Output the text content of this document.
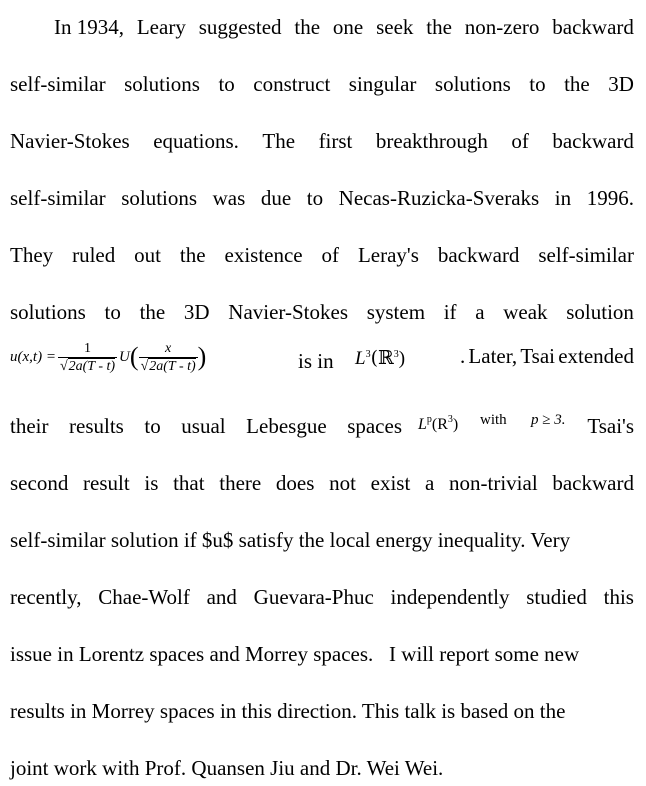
In 1934, Leary suggested the one seek the non-zero backward
self-similar solutions to construct singular solutions to the 3D
Navier-Stokes equations. The first breakthrough of backward
self-similar solutions was due to Necas-Ruzicka-Sveraks in 1996.
They ruled out the existence of Leray's backward self-similar
solutions to the 3D Navier-Stokes system if a weak solution
$u(x,t) = \frac{1}{√2a(T - t)}$ U ( $\frac{x}{√2a(T - t)}$ )	is in $L^3(ℝ^3)$	. Later, Tsai extended
their results to usual Lebesgue spaces $L^p(R^3)$ with p ≥ 3. Tsai's
second result is that there does not exist a non-trivial backward
self-similar solution if $u$ satisfy the local energy inequality. Very
recently, Chae-Wolf and Guevara-Phuc independently studied this
issue in Lorentz spaces and Morrey spaces.   I will report some new
results in Morrey spaces in this direction. This talk is based on the
joint work with Prof. Quansen Jiu and Dr. Wei Wei.
